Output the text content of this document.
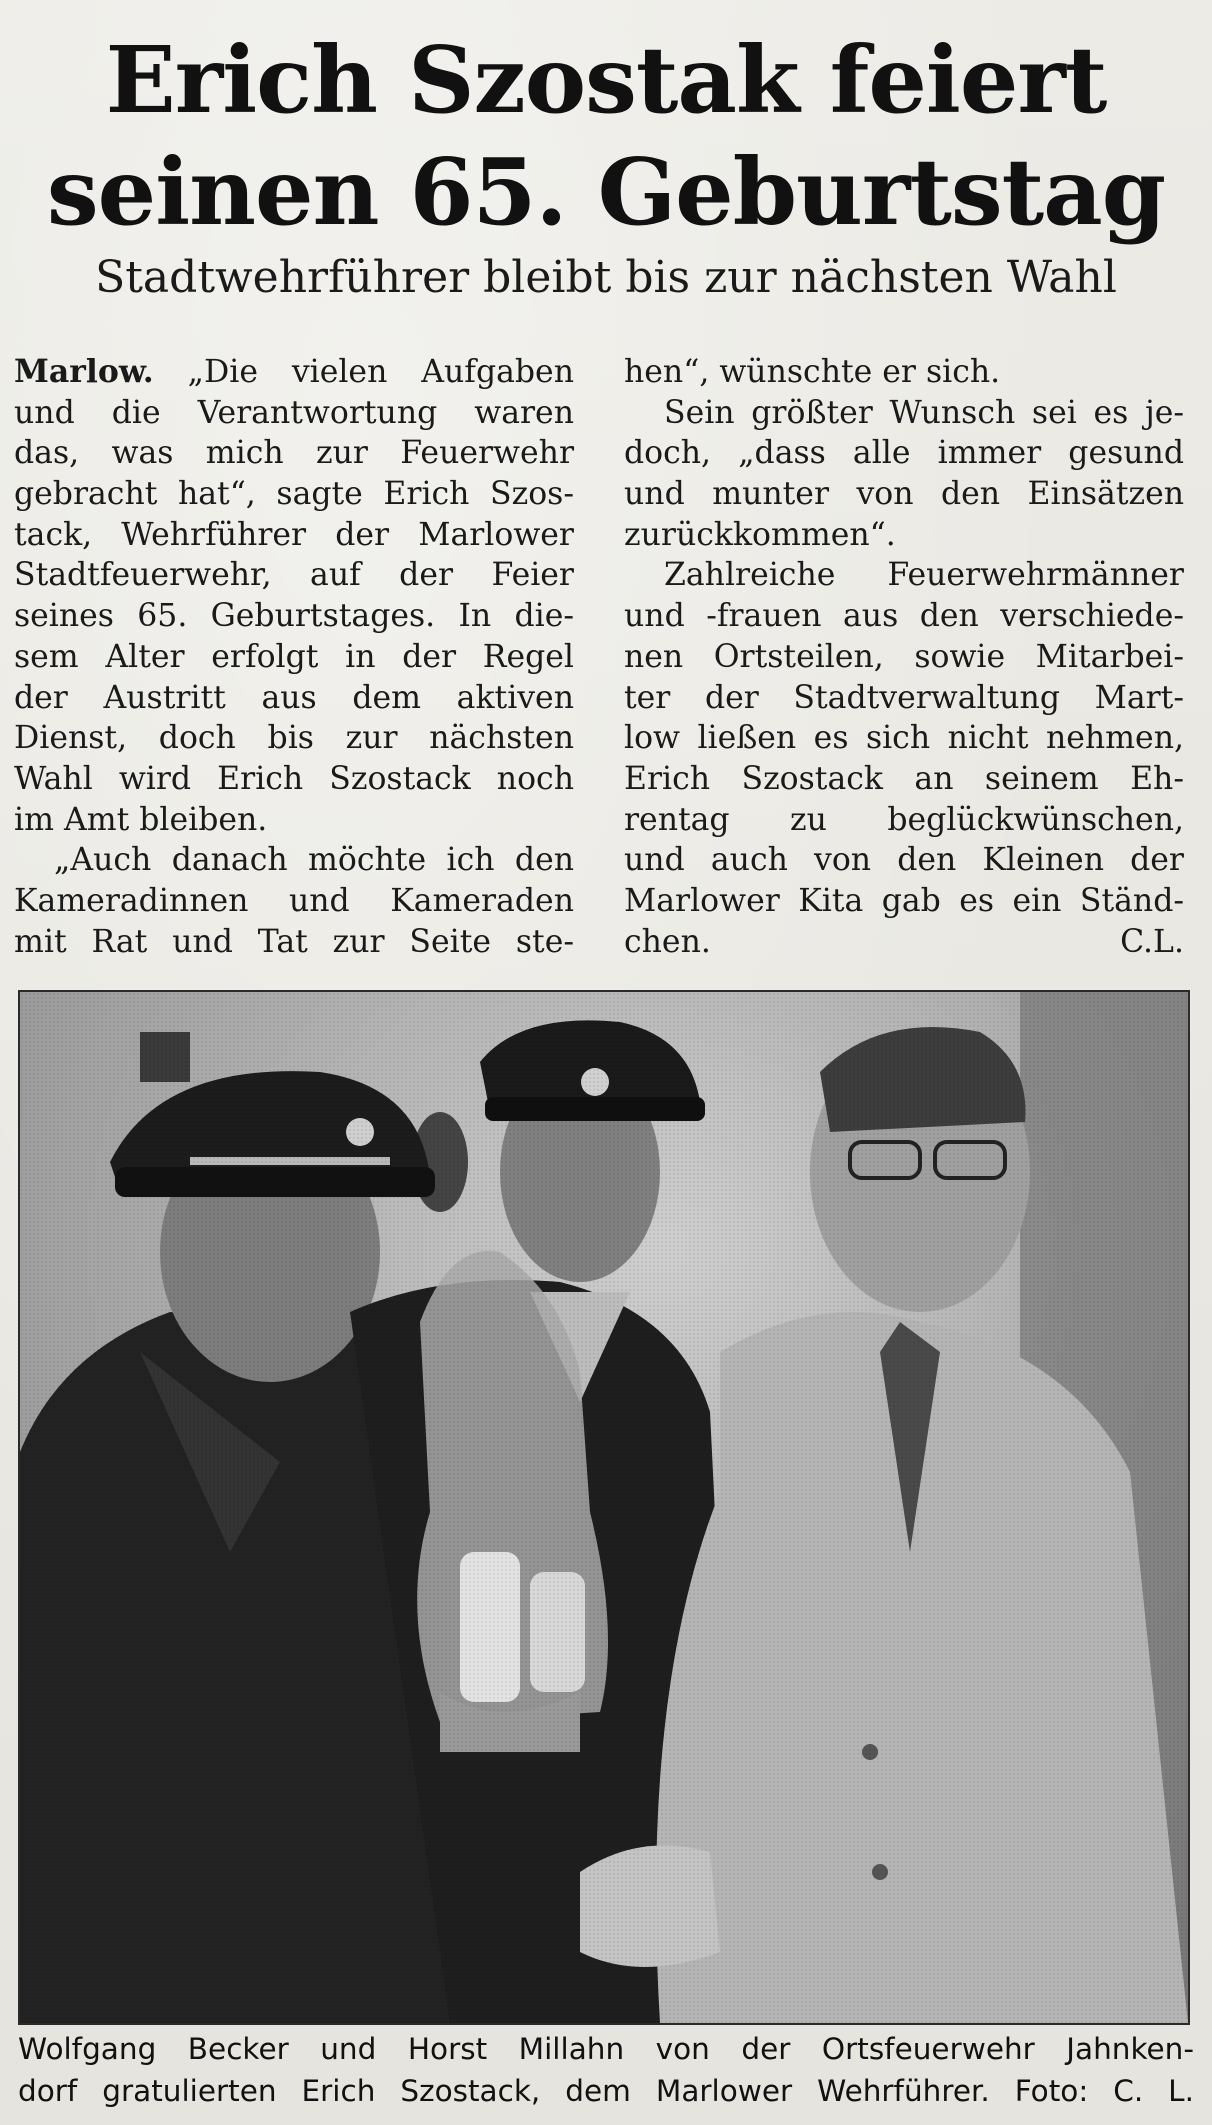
Erich Szostak feiert
seinen 65. Geburtstag
Stadtwehrführer bleibt bis zur nächsten Wahl
Marlow. „Die vielen Aufgaben
und die Verantwortung waren
das, was mich zur Feuerwehr
gebracht hat“, sagte Erich Szos-
tack, Wehrführer der Marlower
Stadtfeuerwehr, auf der Feier
seines 65. Geburtstages. In die-
sem Alter erfolgt in der Regel
der Austritt aus dem aktiven
Dienst, doch bis zur nächsten
Wahl wird Erich Szostack noch
im Amt bleiben.
„Auch danach möchte ich den
Kameradinnen und Kameraden
mit Rat und Tat zur Seite ste-
hen“, wünschte er sich.
Sein größter Wunsch sei es je-
doch, „dass alle immer gesund
und munter von den Einsätzen
zurückkommen“.
Zahlreiche Feuerwehrmänner
und -frauen aus den verschiede-
nen Ortsteilen, sowie Mitarbei-
ter der Stadtverwaltung Mart-
low ließen es sich nicht nehmen,
Erich Szostack an seinem Eh-
rentag zu beglückwünschen,
und auch von den Kleinen der
Marlower Kita gab es ein Ständ-
chen.	C.L.
Wolfgang Becker und Horst Millahn von der Ortsfeuerwehr Jahnken-
dorf gratulierten Erich Szostack, dem Marlower Wehrführer. Foto: C. L.
